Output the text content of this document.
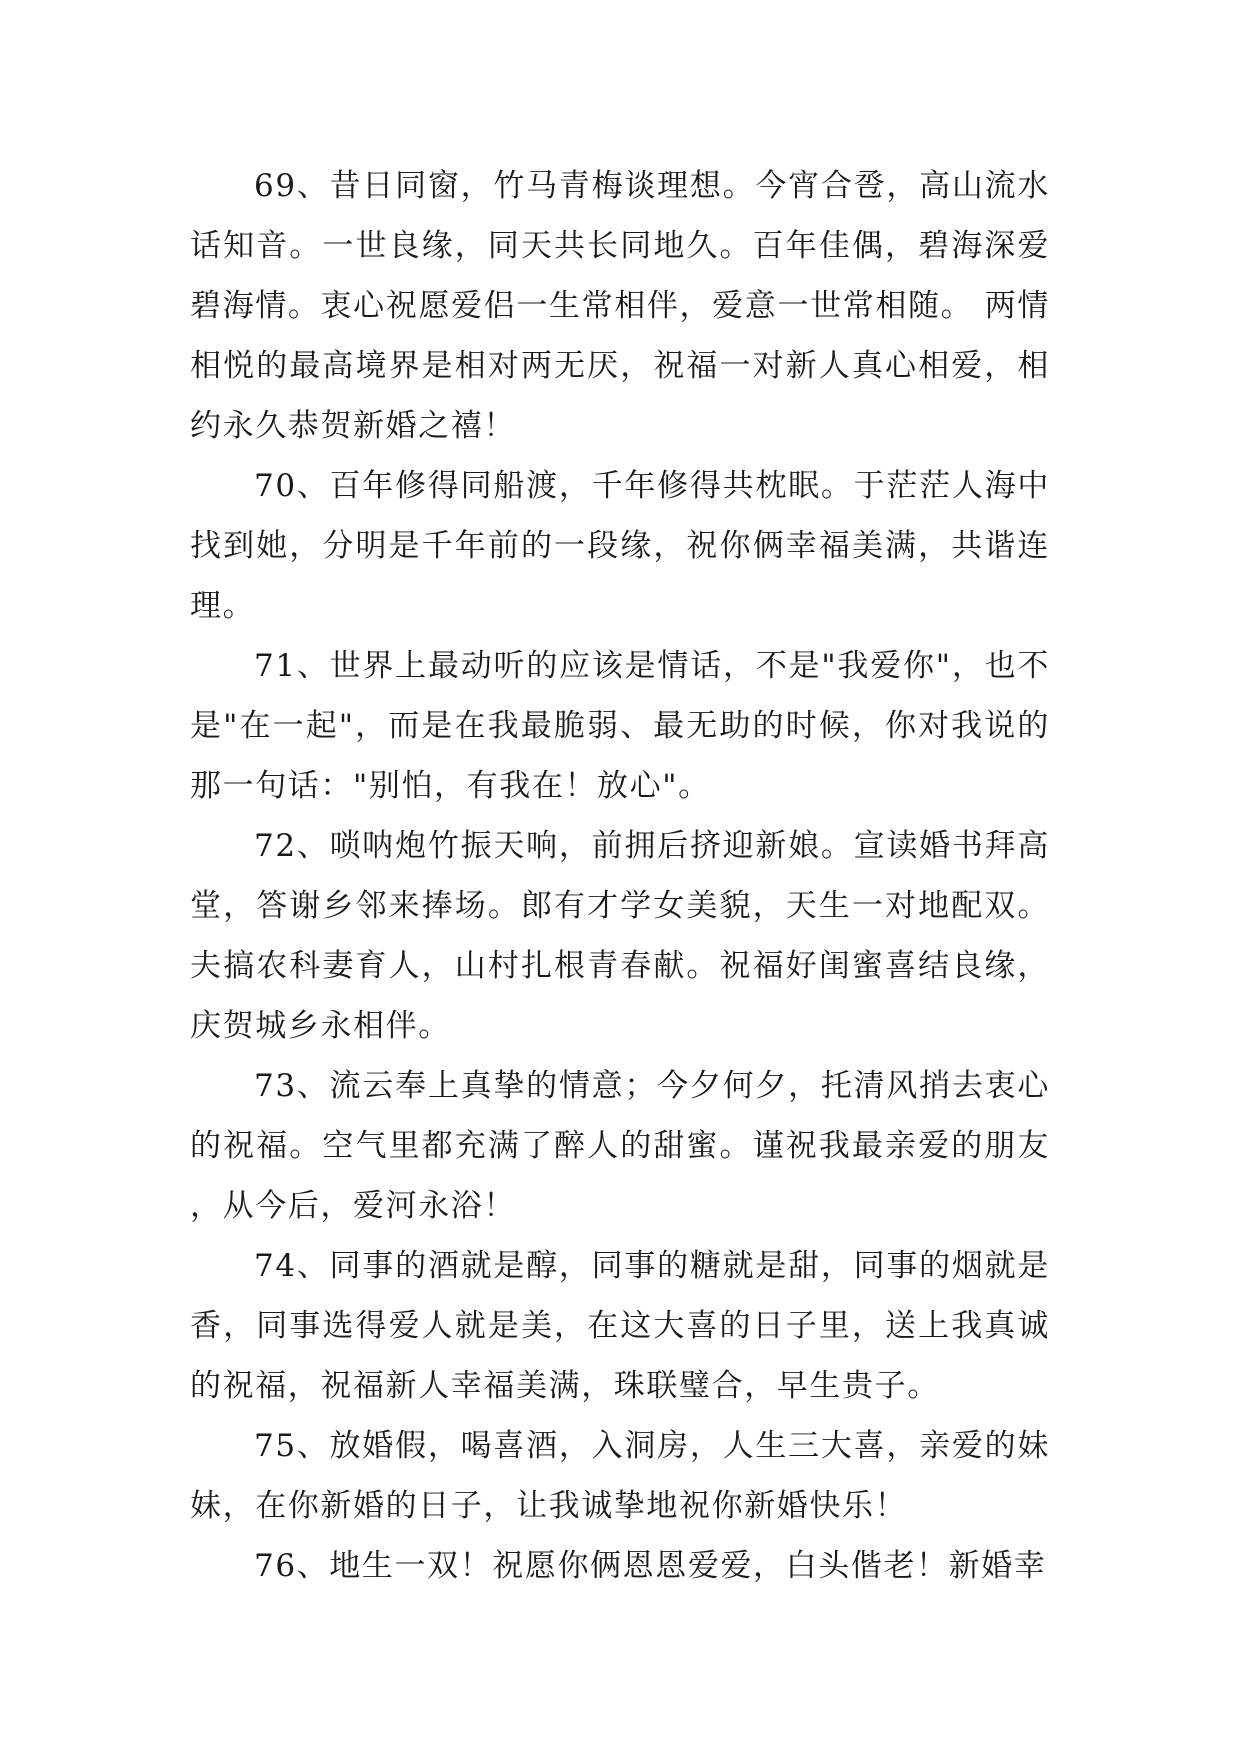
69、昔日同窗，竹马青梅谈理想。今宵合卺，高山流水话知音。一世良缘，同天共长同地久。百年佳偶，碧海深爱碧海情。衷心祝愿爱侣一生常相伴，爱意一世常相随。 两情相悦的最高境界是相对两无厌，祝福一对新人真心相爱，相约永久恭贺新婚之禧！

70、百年修得同船渡，千年修得共枕眠。于茫茫人海中找到她，分明是千年前的一段缘，祝你俩幸福美满，共谐连理。

71、世界上最动听的应该是情话，不是"我爱你"，也不是"在一起"，而是在我最脆弱、最无助的时候，你对我说的那一句话："别怕，有我在！放心"。

72、唢呐炮竹振天响，前拥后挤迎新娘。宣读婚书拜高堂，答谢乡邻来捧场。郎有才学女美貌，天生一对地配双。夫搞农科妻育人，山村扎根青春献。祝福好闺蜜喜结良缘，庆贺城乡永相伴。

73、流云奉上真挚的情意；今夕何夕，托清风捎去衷心的祝福。空气里都充满了醉人的甜蜜。谨祝我最亲爱的朋友，从今后，爱河永浴！

74、同事的酒就是醇，同事的糖就是甜，同事的烟就是香，同事选得爱人就是美，在这大喜的日子里，送上我真诚的祝福，祝福新人幸福美满，珠联璧合，早生贵子。

75、放婚假，喝喜酒，入洞房，人生三大喜，亲爱的妹妹，在你新婚的日子，让我诚挚地祝你新婚快乐！

76、地生一双！祝愿你俩恩恩爱爱，白头偕老！新婚幸
